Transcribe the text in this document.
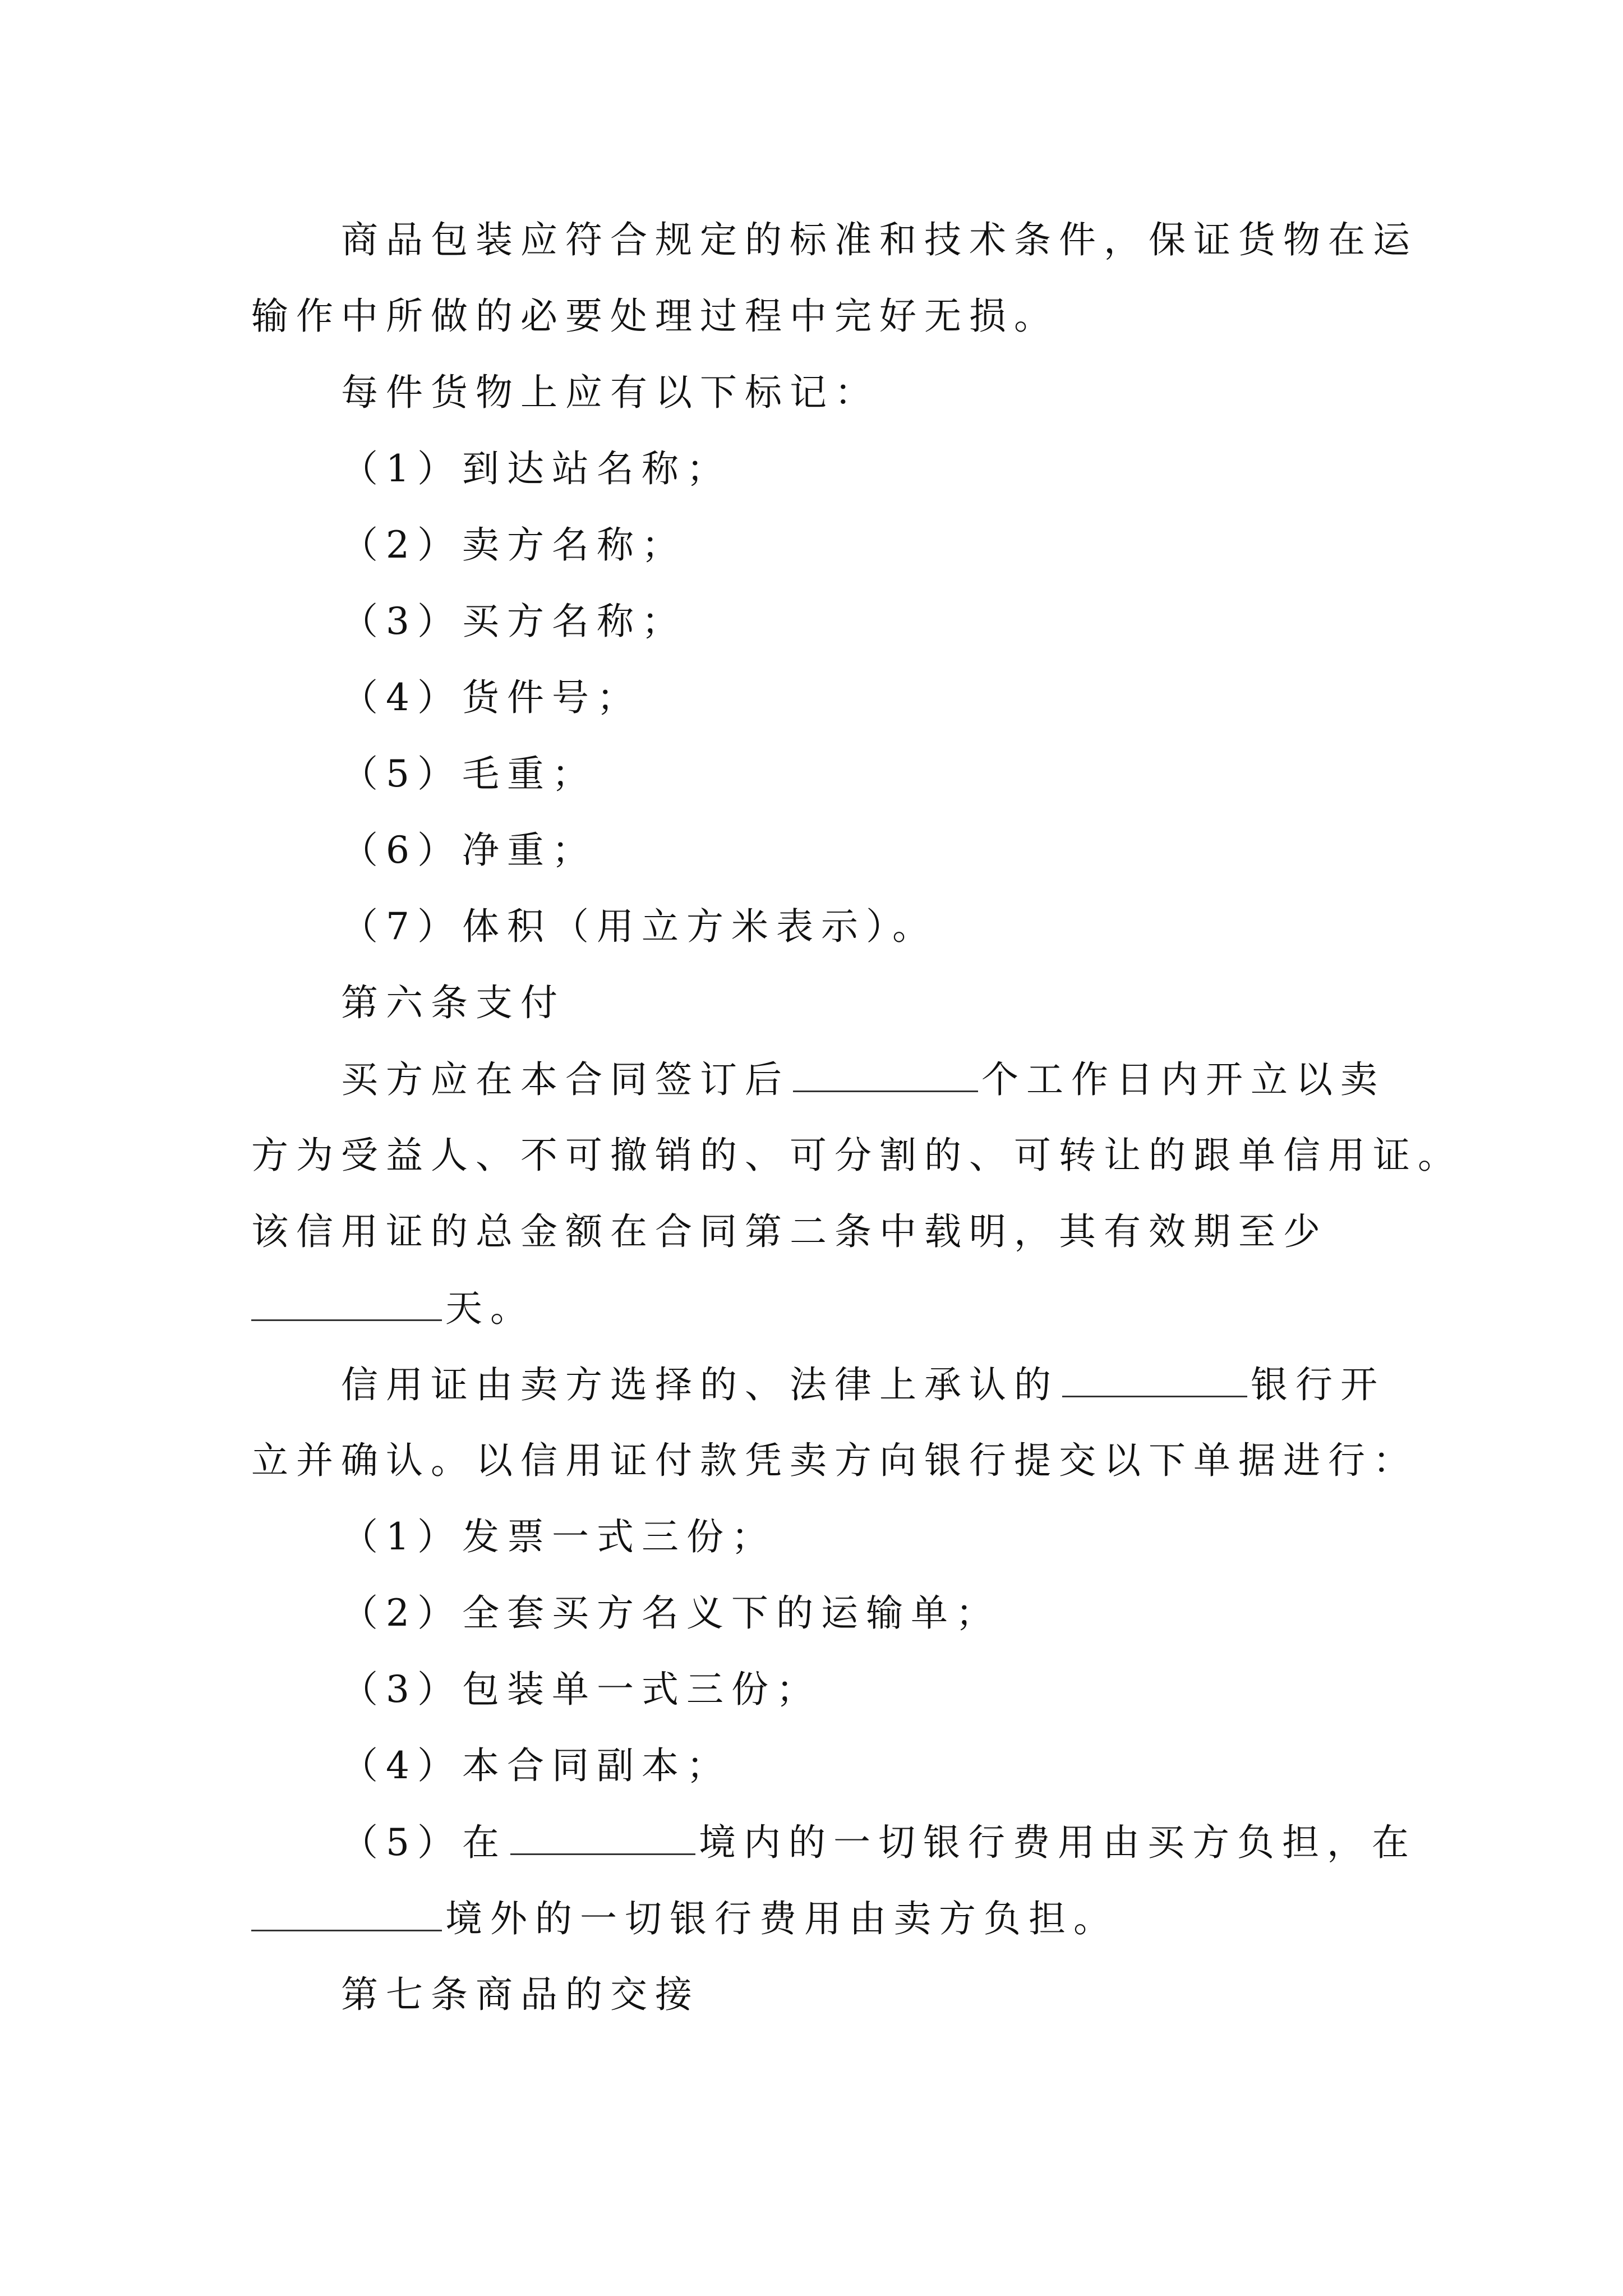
商品包装应符合规定的标准和技术条件，保证货物在运
输作中所做的必要处理过程中完好无损。
每件货物上应有以下标记：
（1）到达站名称；
（2）卖方名称；
（3）买方名称；
（4）货件号；
（5）毛重；
（6）净重；
（7）体积（用立方米表示）。
第六条支付
买方应在本合同签订后	个工作日内开立以卖
方为受益人、不可撤销的、可分割的、可转让的跟单信用证。
该信用证的总金额在合同第二条中载明，其有效期至少
天。
信用证由卖方选择的、法律上承认的	银行开
立并确认。以信用证付款凭卖方向银行提交以下单据进行：
（1）发票一式三份；
（2）全套买方名义下的运输单；
（3）包装单一式三份；
（4）本合同副本；
（5）在	境内的一切银行费用由买方负担，在
境外的一切银行费用由卖方负担。
第七条商品的交接
